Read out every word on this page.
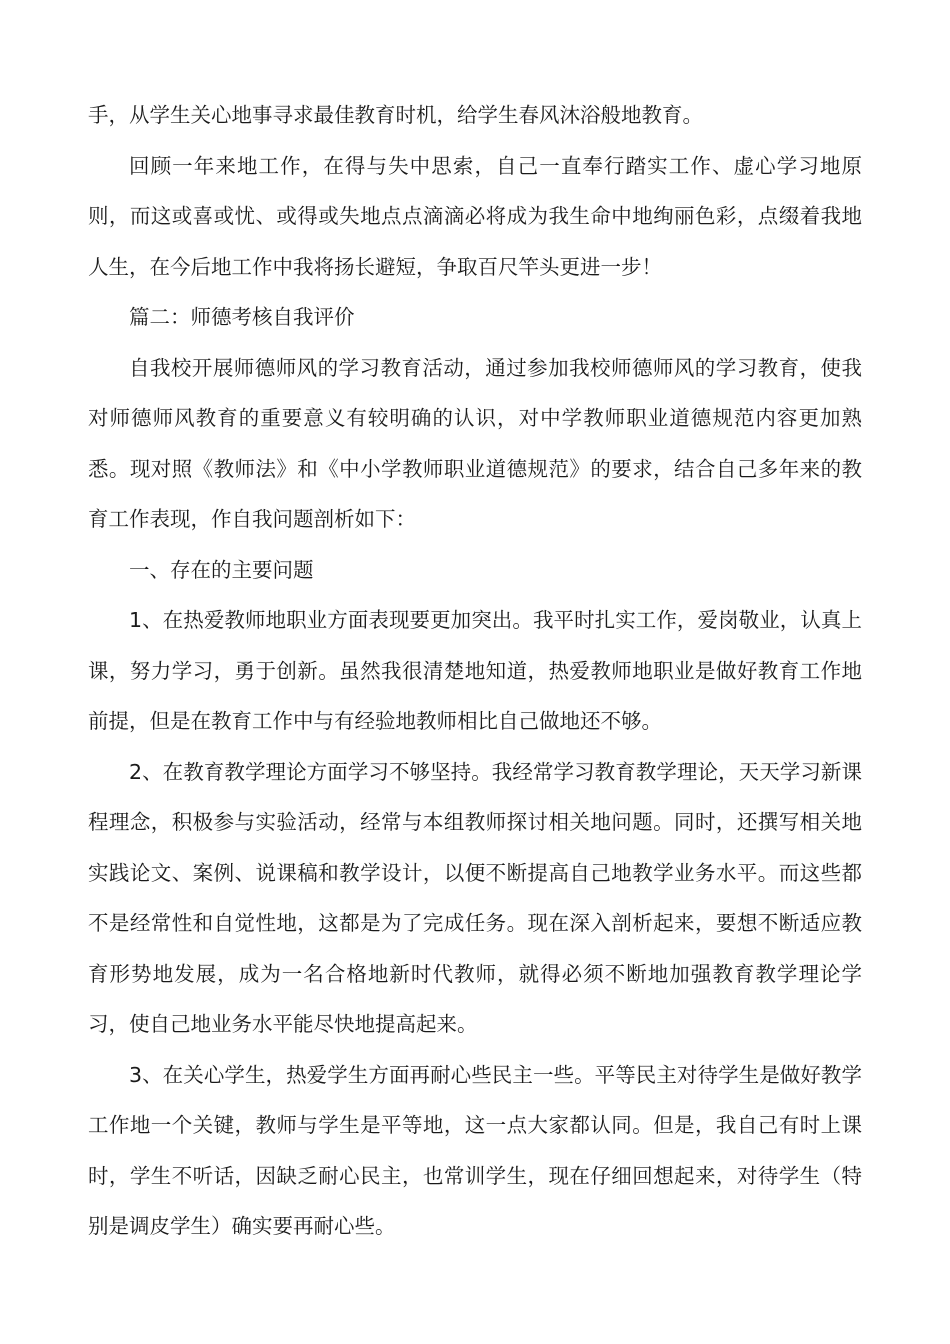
手，从学生关心地事寻求最佳教育时机，给学生春风沐浴般地教育。

回顾一年来地工作，在得与失中思索，自己一直奉行踏实工作、虚心学习地原则，而这或喜或忧、或得或失地点点滴滴必将成为我生命中地绚丽色彩，点缀着我地人生，在今后地工作中我将扬长避短，争取百尺竿头更进一步！

篇二：师德考核自我评价

自我校开展师德师风的学习教育活动，通过参加我校师德师风的学习教育，使我对师德师风教育的重要意义有较明确的认识，对中学教师职业道德规范内容更加熟悉。现对照《教师法》和《中小学教师职业道德规范》的要求，结合自己多年来的教育工作表现，作自我问题剖析如下：

一、存在的主要问题

1、在热爱教师地职业方面表现要更加突出。我平时扎实工作，爱岗敬业，认真上课，努力学习，勇于创新。虽然我很清楚地知道，热爱教师地职业是做好教育工作地前提，但是在教育工作中与有经验地教师相比自己做地还不够。

2、在教育教学理论方面学习不够坚持。我经常学习教育教学理论，天天学习新课程理念，积极参与实验活动，经常与本组教师探讨相关地问题。同时，还撰写相关地实践论文、案例、说课稿和教学设计，以便不断提高自己地教学业务水平。而这些都不是经常性和自觉性地，这都是为了完成任务。现在深入剖析起来，要想不断适应教育形势地发展，成为一名合格地新时代教师，就得必须不断地加强教育教学理论学习，使自己地业务水平能尽快地提高起来。

3、在关心学生，热爱学生方面再耐心些民主一些。平等民主对待学生是做好教学工作地一个关键，教师与学生是平等地，这一点大家都认同。但是，我自己有时上课时，学生不听话，因缺乏耐心民主，也常训学生，现在仔细回想起来，对待学生（特别是调皮学生）确实要再耐心些。
